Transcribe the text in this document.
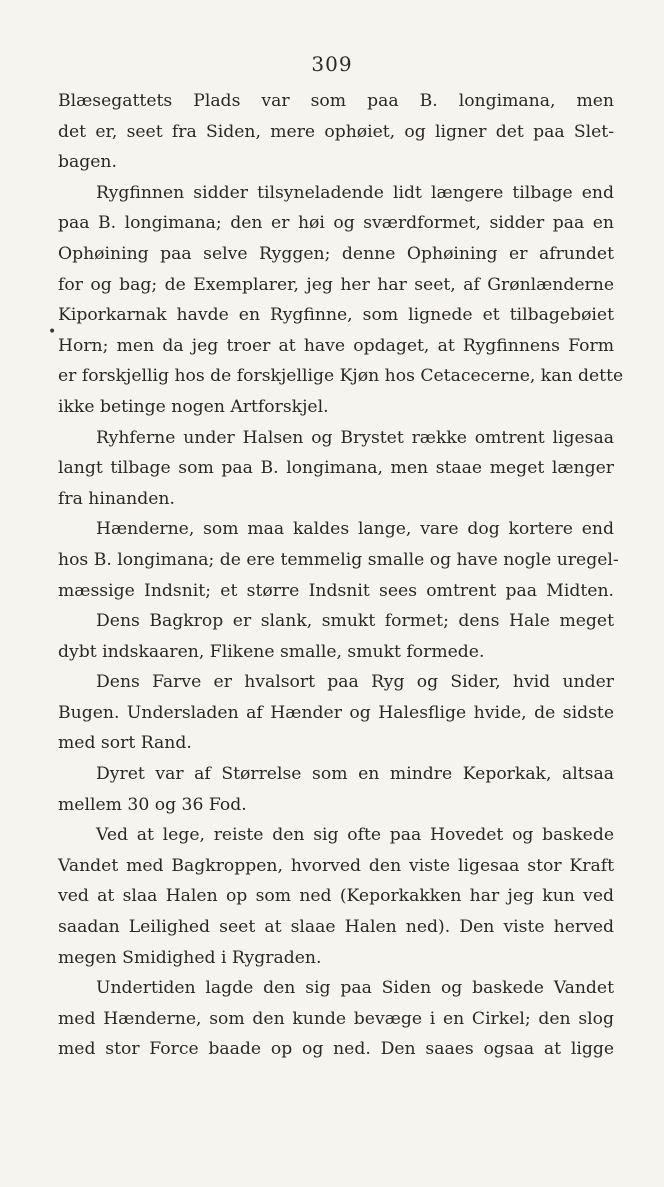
309
•
Blæsegattets Plads var som paa B. longimana, men
det er, seet fra Siden, mere ophøiet, og ligner det paa Slet-
bagen.
Rygfinnen sidder tilsyneladende lidt længere tilbage end
paa B. longimana; den er høi og sværdformet, sidder paa en
Ophøining paa selve Ryggen; denne Ophøining er afrundet
for og bag; de Exemplarer, jeg her har seet, af Grønlænderne
Kiporkarnak havde en Rygfinne, som lignede et tilbagebøiet
Horn; men da jeg troer at have opdaget, at Rygfinnens Form
er forskjellig hos de forskjellige Kjøn hos Cetacecerne, kan dette
ikke betinge nogen Artforskjel.
Ryhferne under Halsen og Brystet række omtrent ligesaa
langt tilbage som paa B. longimana, men staae meget længer
fra hinanden.
Hænderne, som maa kaldes lange, vare dog kortere end
hos B. longimana; de ere temmelig smalle og have nogle uregel-
mæssige Indsnit; et større Indsnit sees omtrent paa Midten.
Dens Bagkrop er slank, smukt formet; dens Hale meget
dybt indskaaren, Flikene smalle, smukt formede.
Dens Farve er hvalsort paa Ryg og Sider, hvid under
Bugen. Undersladen af Hænder og Halesflige hvide, de sidste
med sort Rand.
Dyret var af Størrelse som en mindre Keporkak, altsaa
mellem 30 og 36 Fod.
Ved at lege, reiste den sig ofte paa Hovedet og baskede
Vandet med Bagkroppen, hvorved den viste ligesaa stor Kraft
ved at slaa Halen op som ned (Keporkakken har jeg kun ved
saadan Leilighed seet at slaae Halen ned). Den viste herved
megen Smidighed i Rygraden.
Undertiden lagde den sig paa Siden og baskede Vandet
med Hænderne, som den kunde bevæge i en Cirkel; den slog
med stor Force baade op og ned. Den saaes ogsaa at ligge
